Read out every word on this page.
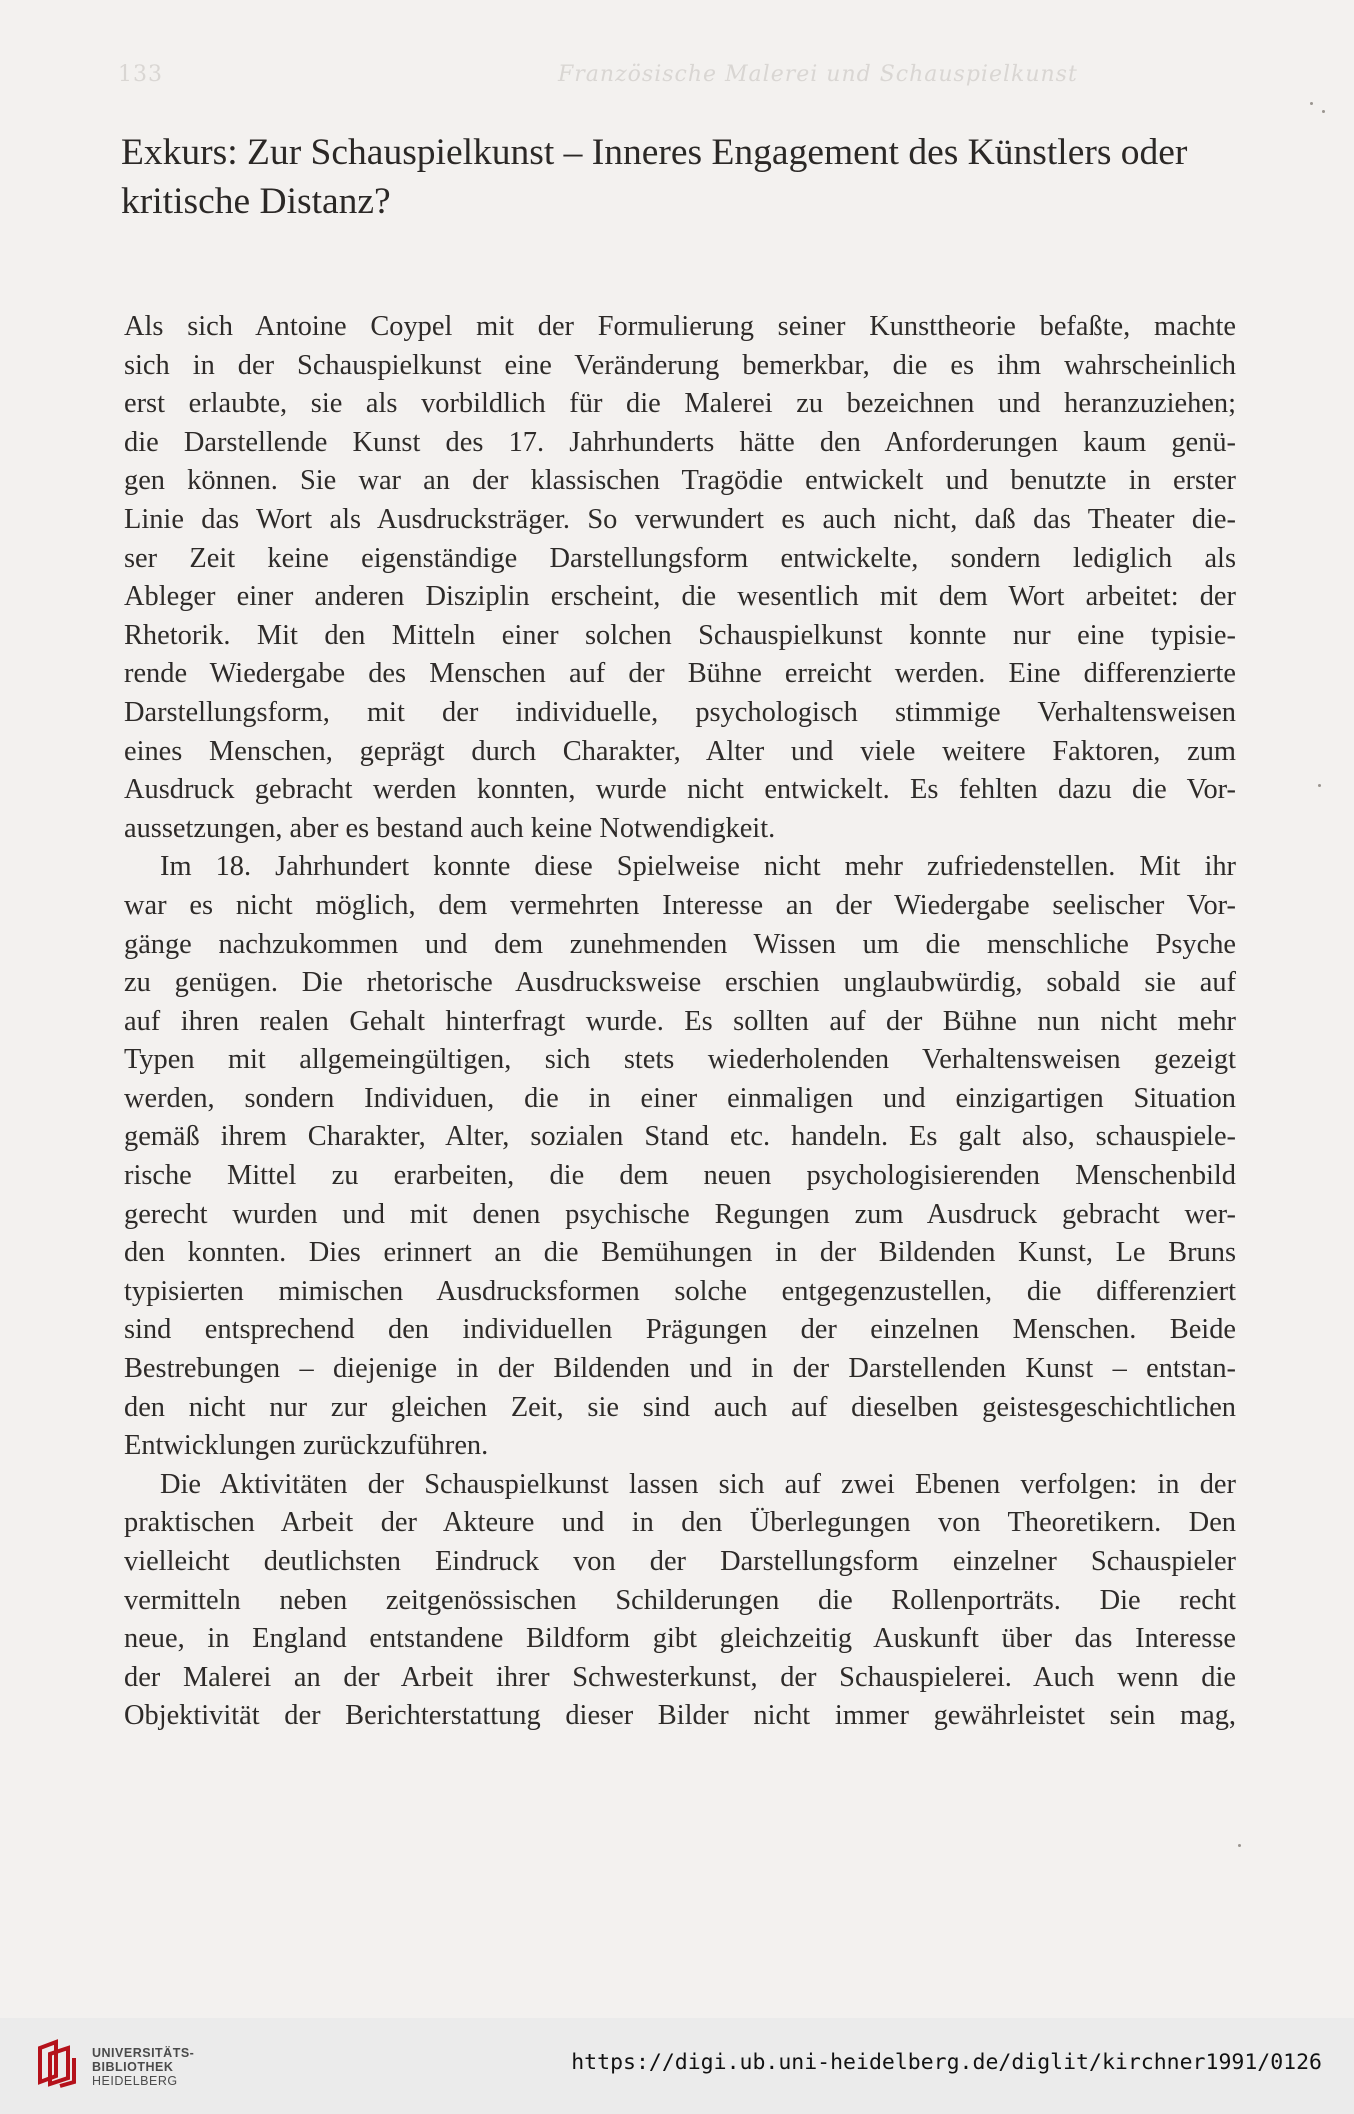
133	Französische Malerei und Schauspielkunst
Exkurs: Zur Schauspielkunst – Inneres Engagement des Künstlers oder
kritische Distanz?
Als sich Antoine Coypel mit der Formulierung seiner Kunsttheorie befaßte, machte
sich in der Schauspielkunst eine Veränderung bemerkbar, die es ihm wahrscheinlich
erst erlaubte, sie als vorbildlich für die Malerei zu bezeichnen und heranzuziehen;
die Darstellende Kunst des 17. Jahrhunderts hätte den Anforderungen kaum genü-
gen können. Sie war an der klassischen Tragödie entwickelt und benutzte in erster
Linie das Wort als Ausdrucksträger. So verwundert es auch nicht, daß das Theater die-
ser Zeit keine eigenständige Darstellungsform entwickelte, sondern lediglich als
Ableger einer anderen Disziplin erscheint, die wesentlich mit dem Wort arbeitet: der
Rhetorik. Mit den Mitteln einer solchen Schauspielkunst konnte nur eine typisie-
rende Wiedergabe des Menschen auf der Bühne erreicht werden. Eine differenzierte
Darstellungsform, mit der individuelle, psychologisch stimmige Verhaltensweisen
eines Menschen, geprägt durch Charakter, Alter und viele weitere Faktoren, zum
Ausdruck gebracht werden konnten, wurde nicht entwickelt. Es fehlten dazu die Vor-
aussetzungen, aber es bestand auch keine Notwendigkeit.
Im 18. Jahrhundert konnte diese Spielweise nicht mehr zufriedenstellen. Mit ihr
war es nicht möglich, dem vermehrten Interesse an der Wiedergabe seelischer Vor-
gänge nachzukommen und dem zunehmenden Wissen um die menschliche Psyche
zu genügen. Die rhetorische Ausdrucksweise erschien unglaubwürdig, sobald sie auf
auf ihren realen Gehalt hinterfragt wurde. Es sollten auf der Bühne nun nicht mehr
Typen mit allgemeingültigen, sich stets wiederholenden Verhaltensweisen gezeigt
werden, sondern Individuen, die in einer einmaligen und einzigartigen Situation
gemäß ihrem Charakter, Alter, sozialen Stand etc. handeln. Es galt also, schauspiele-
rische Mittel zu erarbeiten, die dem neuen psychologisierenden Menschenbild
gerecht wurden und mit denen psychische Regungen zum Ausdruck gebracht wer-
den konnten. Dies erinnert an die Bemühungen in der Bildenden Kunst, Le Bruns
typisierten mimischen Ausdrucksformen solche entgegenzustellen, die differenziert
sind entsprechend den individuellen Prägungen der einzelnen Menschen. Beide
Bestrebungen – diejenige in der Bildenden und in der Darstellenden Kunst – entstan-
den nicht nur zur gleichen Zeit, sie sind auch auf dieselben geistesgeschichtlichen
Entwicklungen zurückzuführen.
Die Aktivitäten der Schauspielkunst lassen sich auf zwei Ebenen verfolgen: in der
praktischen Arbeit der Akteure und in den Überlegungen von Theoretikern. Den
vielleicht deutlichsten Eindruck von der Darstellungsform einzelner Schauspieler
vermitteln neben zeitgenössischen Schilderungen die Rollenporträts. Die recht
neue, in England entstandene Bildform gibt gleichzeitig Auskunft über das Interesse
der Malerei an der Arbeit ihrer Schwesterkunst, der Schauspielerei. Auch wenn die
Objektivität der Berichterstattung dieser Bilder nicht immer gewährleistet sein mag,
UNIVERSITÄTS-
BIBLIOTHEK
HEIDELBERG
https://digi.ub.uni-heidelberg.de/diglit/kirchner1991/0126
